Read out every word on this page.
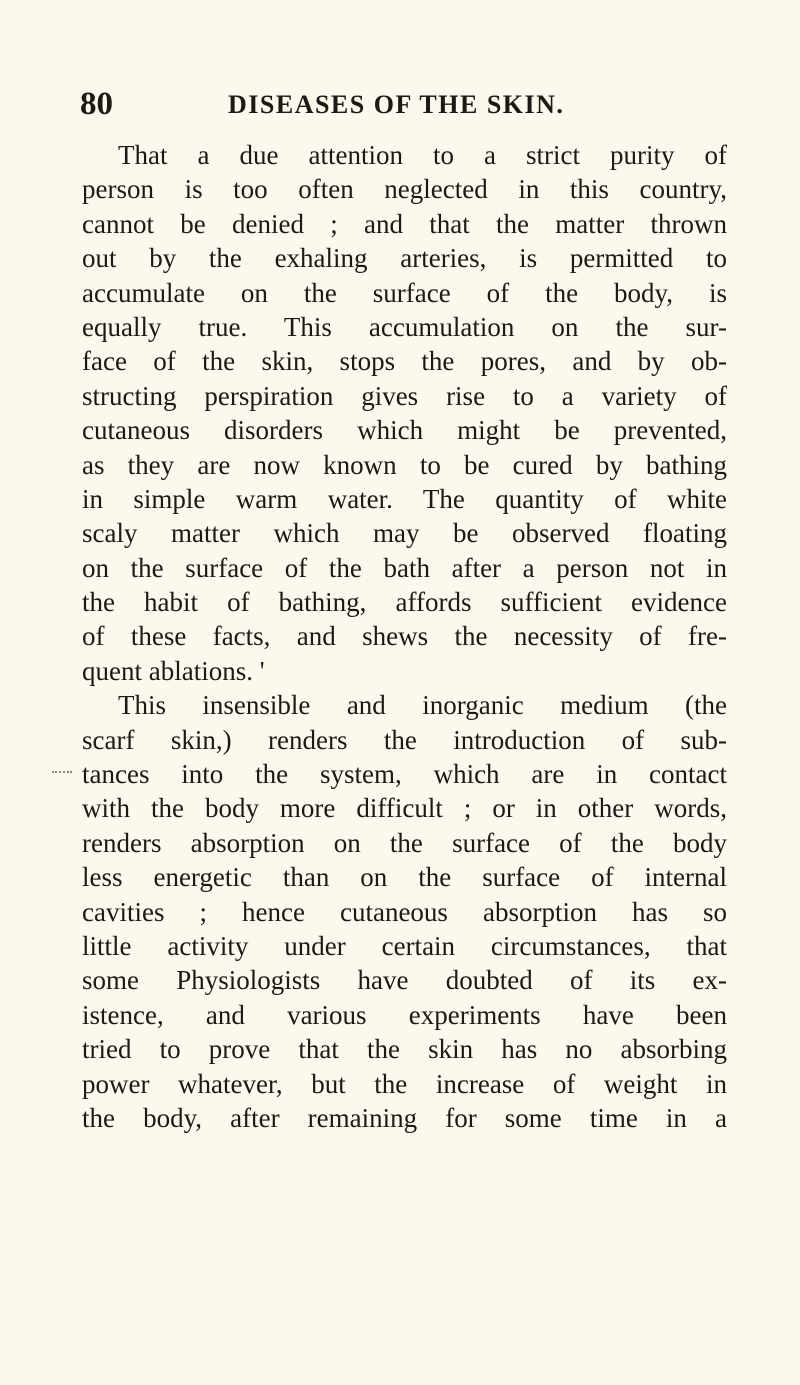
80	DISEASES OF THE SKIN.
That a due attention to a strict purity of
person is too often neglected in this country,
cannot be denied ; and that the matter thrown
out by the exhaling arteries, is permitted to
accumulate on the surface of the body, is
equally true. This accumulation on the sur-
face of the skin, stops the pores, and by ob-
structing perspiration gives rise to a variety of
cutaneous disorders which might be prevented,
as they are now known to be cured by bathing
in simple warm water. The quantity of white
scaly matter which may be observed floating
on the surface of the bath after a person not in
the habit of bathing, affords sufficient evidence
of these facts, and shews the necessity of fre-
quent ablations. '
This insensible and inorganic medium (the
scarf skin,) renders the introduction of sub-
tances into the system, which are in contact
with the body more difficult ; or in other words,
renders absorption on the surface of the body
less energetic than on the surface of internal
cavities ; hence cutaneous absorption has so
little activity under certain circumstances, that
some Physiologists have doubted of its ex-
istence, and various experiments have been
tried to prove that the skin has no absorbing
power whatever, but the increase of weight in
the body, after remaining for some time in a
